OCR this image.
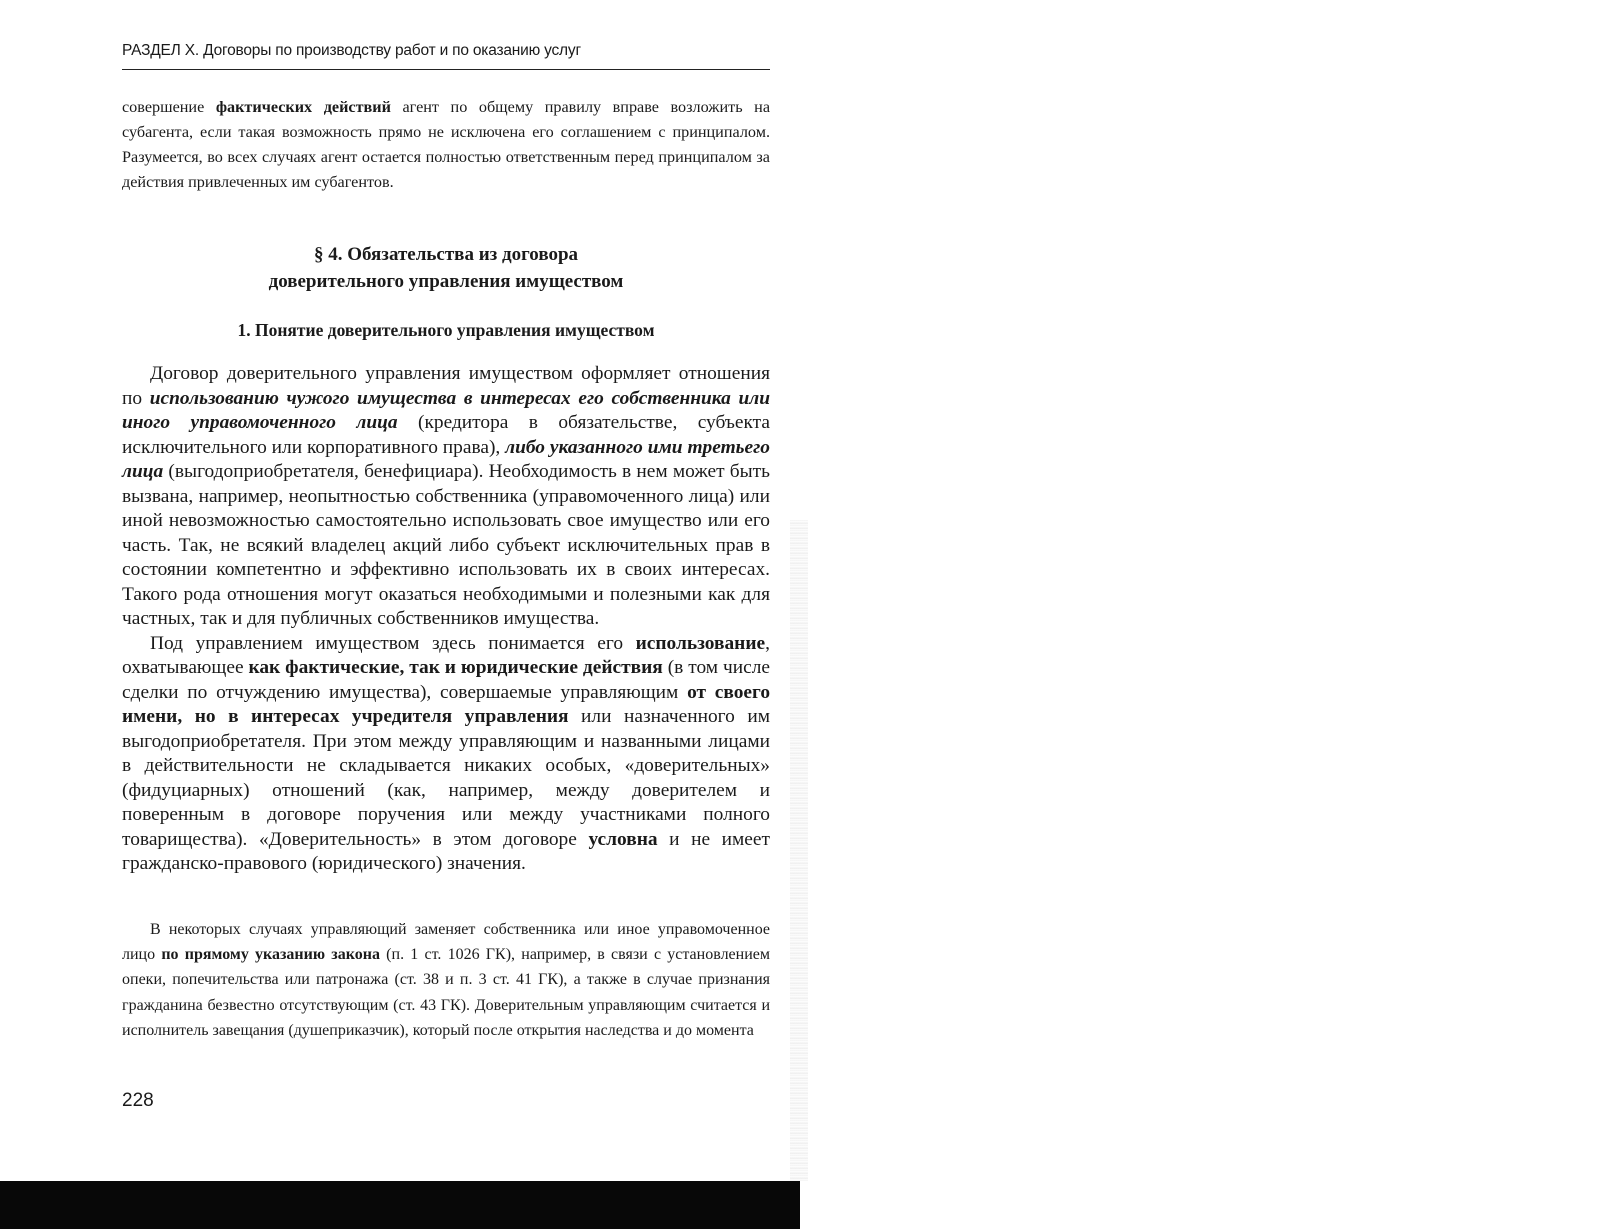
РАЗДЕЛ X. Договоры по производству работ и по оказанию услуг

совершение фактических действий агент по общему правилу вправе возложить на субагента, если такая возможность прямо не исключена его соглашением с принципалом. Разумеется, во всех случаях агент остается полностью ответственным перед принципалом за действия привлеченных им субагентов.

§ 4. Обязательства из договора
доверительного управления имуществом
1. Понятие доверительного управления имуществом

Договор доверительного управления имуществом оформляет отношения по использованию чужого имущества в интересах его собственника или иного управомоченного лица (кредитора в обязательстве, субъекта исключительного или корпоративного права), либо указанного ими третьего лица (выгодоприобретателя, бенефициара). Необходимость в нем может быть вызвана, например, неопытностью собственника (управомоченного лица) или иной невозможностью самостоятельно использовать свое имущество или его часть. Так, не всякий владелец акций либо субъект исключительных прав в состоянии компетентно и эффективно использовать их в своих интересах. Такого рода отношения могут оказаться необходимыми и полезными как для частных, так и для публичных собственников имущества.

Под управлением имуществом здесь понимается его использование, охватывающее как фактические, так и юридические действия (в том числе сделки по отчуждению имущества), совершаемые управляющим от своего имени, но в интересах учредителя управления или назначенного им выгодоприобретателя. При этом между управляющим и названными лицами в действительности не складывается никаких особых, «доверительных» (фидуциарных) отношений (как, например, между доверителем и поверенным в договоре поручения или между участниками полного товарищества). «Доверительность» в этом договоре условна и не имеет гражданско-правового (юридического) значения.

В некоторых случаях управляющий заменяет собственника или иное управомоченное лицо по прямому указанию закона (п. 1 ст. 1026 ГК), например, в связи с установлением опеки, попечительства или патронажа (ст. 38 и п. 3 ст. 41 ГК), а также в случае признания гражданина безвестно отсутствующим (ст. 43 ГК). Доверительным управляющим считается и исполнитель завещания (душеприказчик), который после открытия наследства и до момента

228
